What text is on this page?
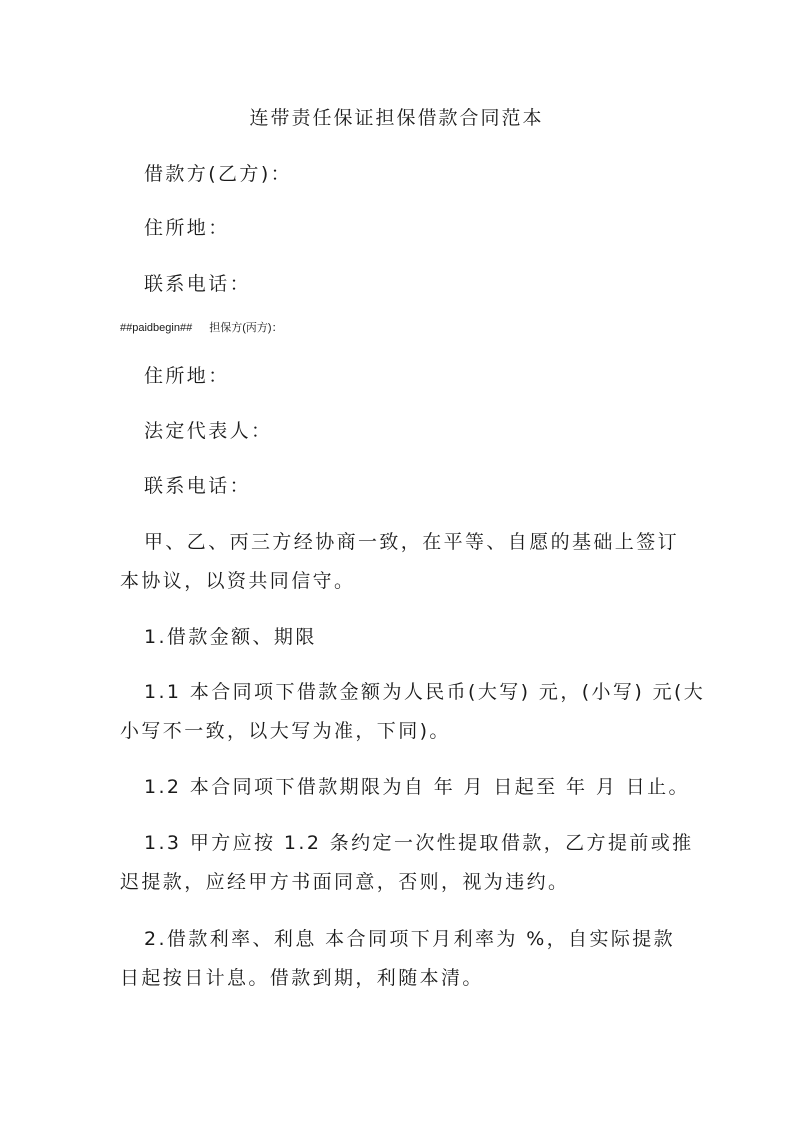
连带责任保证担保借款合同范本
借款方(乙方)：
住所地：
联系电话：
##paidbegin## 担保方(丙方)：
住所地：
法定代表人：
联系电话：
甲、乙、丙三方经协商一致，在平等、自愿的基础上签订
本协议，以资共同信守。
1.借款金额、期限
1.1 本合同项下借款金额为人民币(大写) 元，(小写) 元(大
小写不一致，以大写为准，下同)。
1.2 本合同项下借款期限为自 年 月 日起至 年 月 日止。
1.3 甲方应按 1.2 条约定一次性提取借款，乙方提前或推
迟提款，应经甲方书面同意，否则，视为违约。
2.借款利率、利息 本合同项下月利率为 %，自实际提款
日起按日计息。借款到期，利随本清。
